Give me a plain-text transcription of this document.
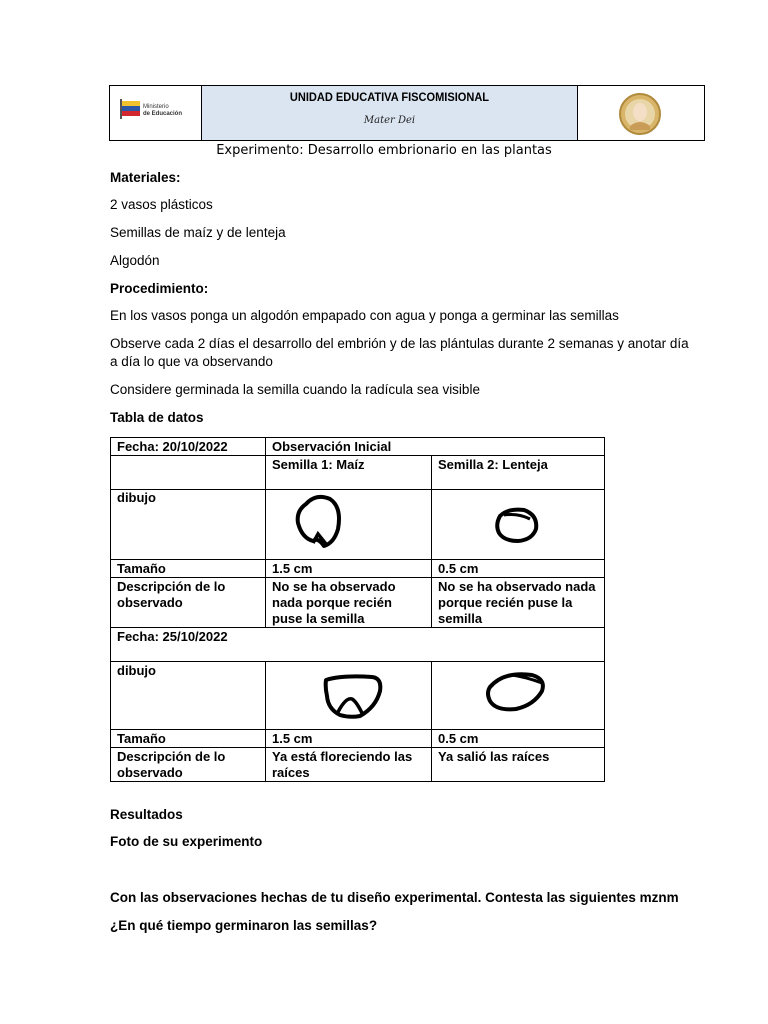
Ministerio
de Educación
UNIDAD EDUCATIVA FISCOMISIONAL
Mater Dei
Experimento: Desarrollo embrionario en las plantas
Materiales:
2 vasos plásticos
Semillas de maíz y de lenteja
Algodón
Procedimiento:
En los vasos ponga un algodón empapado con agua y ponga a germinar las semillas
Observe cada 2 días el desarrollo del embrión y de las plántulas durante 2 semanas y anotar día
a día lo que va observando
Considere germinada la semilla cuando la radícula sea visible
Tabla de datos
Fecha: 20/10/2022	Observación Inicial	
	Semilla 1: Maíz	Semilla 2: Lenteja
dibujo		
Tamaño	1.5 cm	0.5 cm
Descripción de lo
observado	No se ha observado nada porque recién puse la semilla	No se ha observado nada porque recién puse la semilla
Fecha: 25/10/2022		
dibujo		
Tamaño	1.5 cm	0.5 cm
Descripción de lo
observado	Ya está floreciendo las raíces	Ya salió las raíces
Resultados
Foto de su experimento
Con las observaciones hechas de tu diseño experimental. Contesta las siguientes mznm
¿En qué tiempo germinaron las semillas?
